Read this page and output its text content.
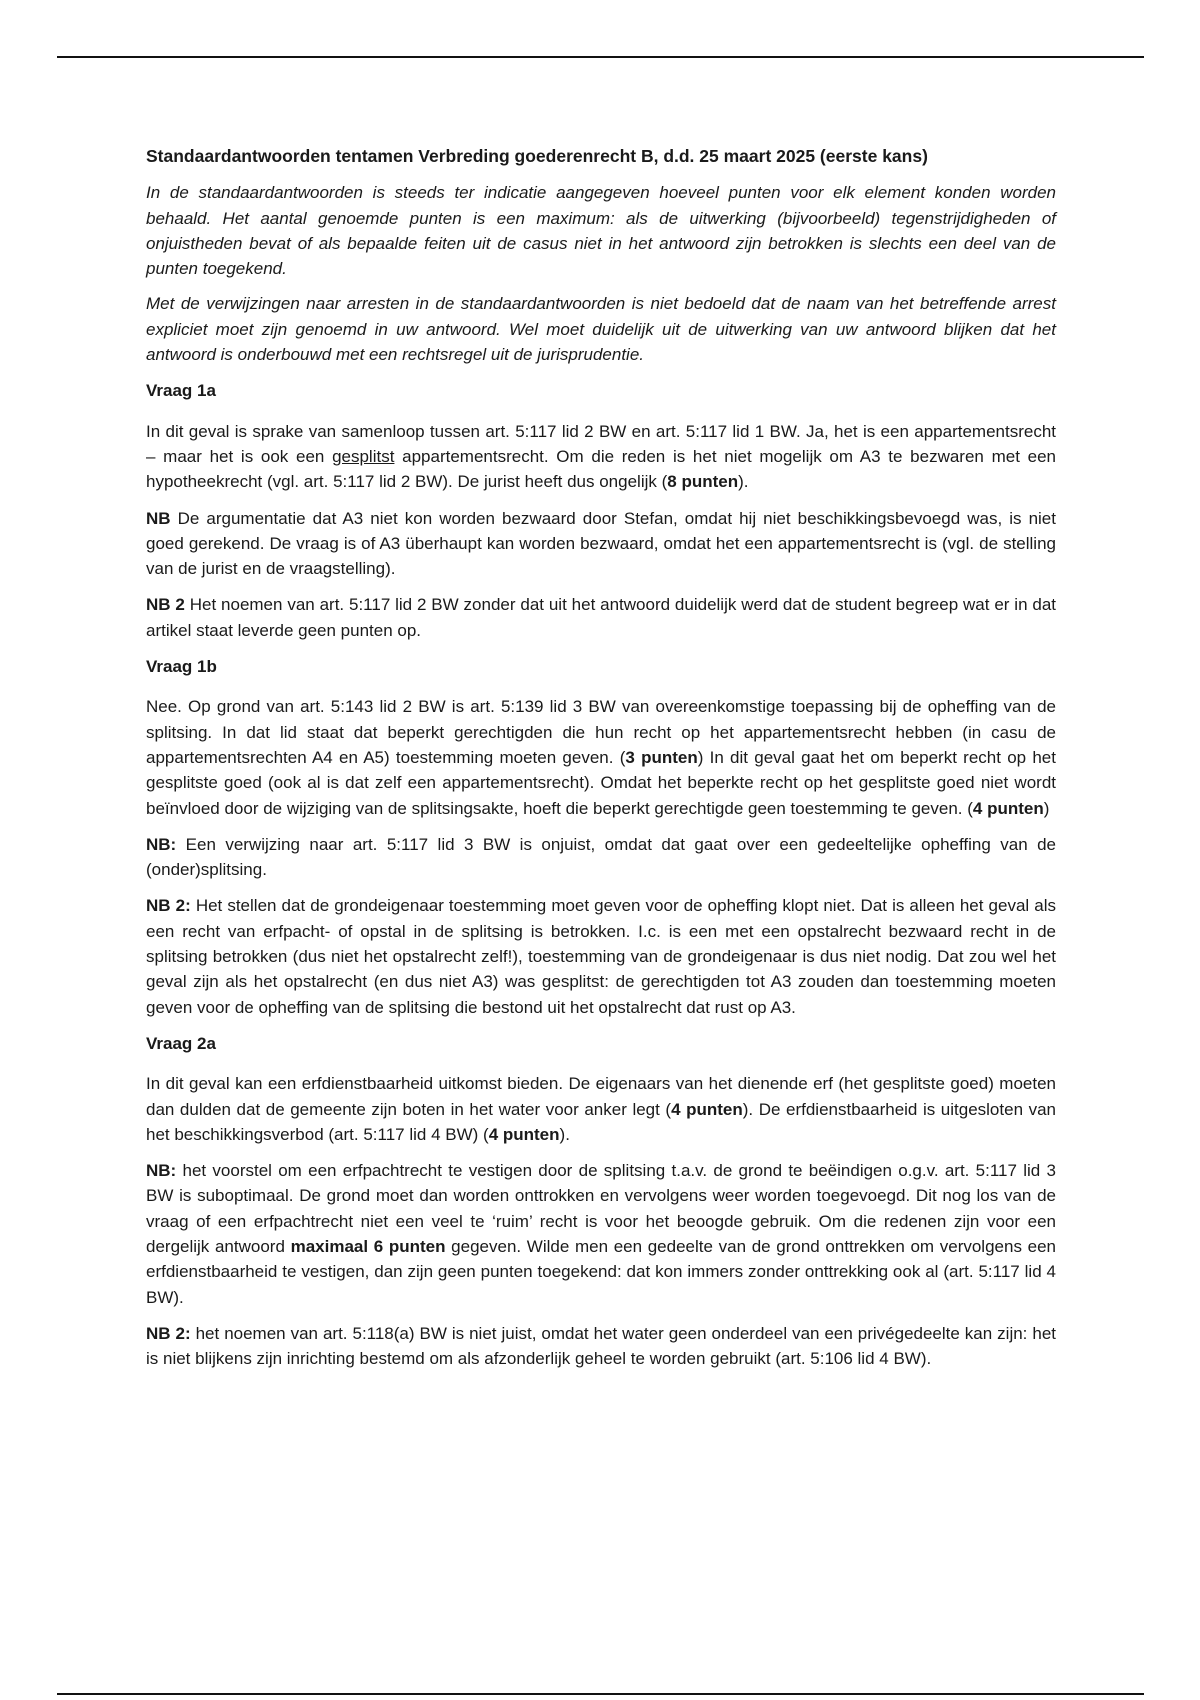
Standaardantwoorden tentamen Verbreding goederenrecht B, d.d. 25 maart 2025 (eerste kans)

In de standaardantwoorden is steeds ter indicatie aangegeven hoeveel punten voor elk element konden worden behaald. Het aantal genoemde punten is een maximum: als de uitwerking (bijvoorbeeld) tegenstrijdigheden of onjuistheden bevat of als bepaalde feiten uit de casus niet in het antwoord zijn betrokken is slechts een deel van de punten toegekend.

Met de verwijzingen naar arresten in de standaardantwoorden is niet bedoeld dat de naam van het betreffende arrest expliciet moet zijn genoemd in uw antwoord. Wel moet duidelijk uit de uitwerking van uw antwoord blijken dat het antwoord is onderbouwd met een rechtsregel uit de jurisprudentie.

Vraag 1a

In dit geval is sprake van samenloop tussen art. 5:117 lid 2 BW en art. 5:117 lid 1 BW. Ja, het is een appartementsrecht – maar het is ook een gesplitst appartementsrecht. Om die reden is het niet mogelijk om A3 te bezwaren met een hypotheekrecht (vgl. art. 5:117 lid 2 BW). De jurist heeft dus ongelijk (8 punten).

NB De argumentatie dat A3 niet kon worden bezwaard door Stefan, omdat hij niet beschikkingsbevoegd was, is niet goed gerekend. De vraag is of A3 überhaupt kan worden bezwaard, omdat het een appartementsrecht is (vgl. de stelling van de jurist en de vraagstelling).

NB 2 Het noemen van art. 5:117 lid 2 BW zonder dat uit het antwoord duidelijk werd dat de student begreep wat er in dat artikel staat leverde geen punten op.

Vraag 1b

Nee. Op grond van art. 5:143 lid 2 BW is art. 5:139 lid 3 BW van overeenkomstige toepassing bij de opheffing van de splitsing. In dat lid staat dat beperkt gerechtigden die hun recht op het appartementsrecht hebben (in casu de appartementsrechten A4 en A5) toestemming moeten geven. (3 punten) In dit geval gaat het om beperkt recht op het gesplitste goed (ook al is dat zelf een appartementsrecht). Omdat het beperkte recht op het gesplitste goed niet wordt beïnvloed door de wijziging van de splitsingsakte, hoeft die beperkt gerechtigde geen toestemming te geven. (4 punten)

NB: Een verwijzing naar art. 5:117 lid 3 BW is onjuist, omdat dat gaat over een gedeeltelijke opheffing van de (onder)splitsing.

NB 2: Het stellen dat de grondeigenaar toestemming moet geven voor de opheffing klopt niet. Dat is alleen het geval als een recht van erfpacht- of opstal in de splitsing is betrokken. I.c. is een met een opstalrecht bezwaard recht in de splitsing betrokken (dus niet het opstalrecht zelf!), toestemming van de grondeigenaar is dus niet nodig. Dat zou wel het geval zijn als het opstalrecht (en dus niet A3) was gesplitst: de gerechtigden tot A3 zouden dan toestemming moeten geven voor de opheffing van de splitsing die bestond uit het opstalrecht dat rust op A3.

Vraag 2a

In dit geval kan een erfdienstbaarheid uitkomst bieden. De eigenaars van het dienende erf (het gesplitste goed) moeten dan dulden dat de gemeente zijn boten in het water voor anker legt (4 punten). De erfdienstbaarheid is uitgesloten van het beschikkingsverbod (art. 5:117 lid 4 BW) (4 punten).

NB: het voorstel om een erfpachtrecht te vestigen door de splitsing t.a.v. de grond te beëindigen o.g.v. art. 5:117 lid 3 BW is suboptimaal. De grond moet dan worden onttrokken en vervolgens weer worden toegevoegd. Dit nog los van de vraag of een erfpachtrecht niet een veel te ‘ruim’ recht is voor het beoogde gebruik. Om die redenen zijn voor een dergelijk antwoord maximaal 6 punten gegeven. Wilde men een gedeelte van de grond onttrekken om vervolgens een erfdienstbaarheid te vestigen, dan zijn geen punten toegekend: dat kon immers zonder onttrekking ook al (art. 5:117 lid 4 BW).

NB 2: het noemen van art. 5:118(a) BW is niet juist, omdat het water geen onderdeel van een privégedeelte kan zijn: het is niet blijkens zijn inrichting bestemd om als afzonderlijk geheel te worden gebruikt (art. 5:106 lid 4 BW).
